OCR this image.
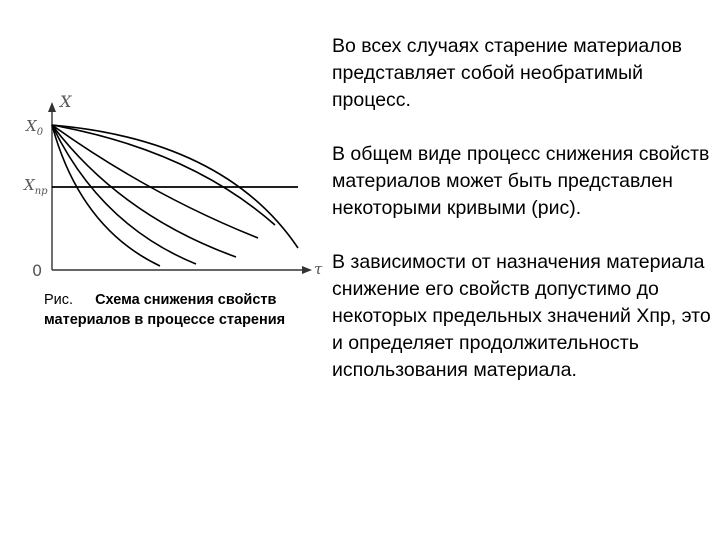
X
τ
$X_0$
$X_{пр}$
0
Рис. Схема снижения свойств материалов в процессе старения

Во всех случаях старение материалов представляет собой необратимый процесс.

В общем виде процесс снижения свойств материалов может быть представлен некоторыми кривыми (рис).

В зависимости от назначения материала снижение его свойств допустимо до некоторых предельных значений Xпр, это и определяет продолжительность использования материала.
